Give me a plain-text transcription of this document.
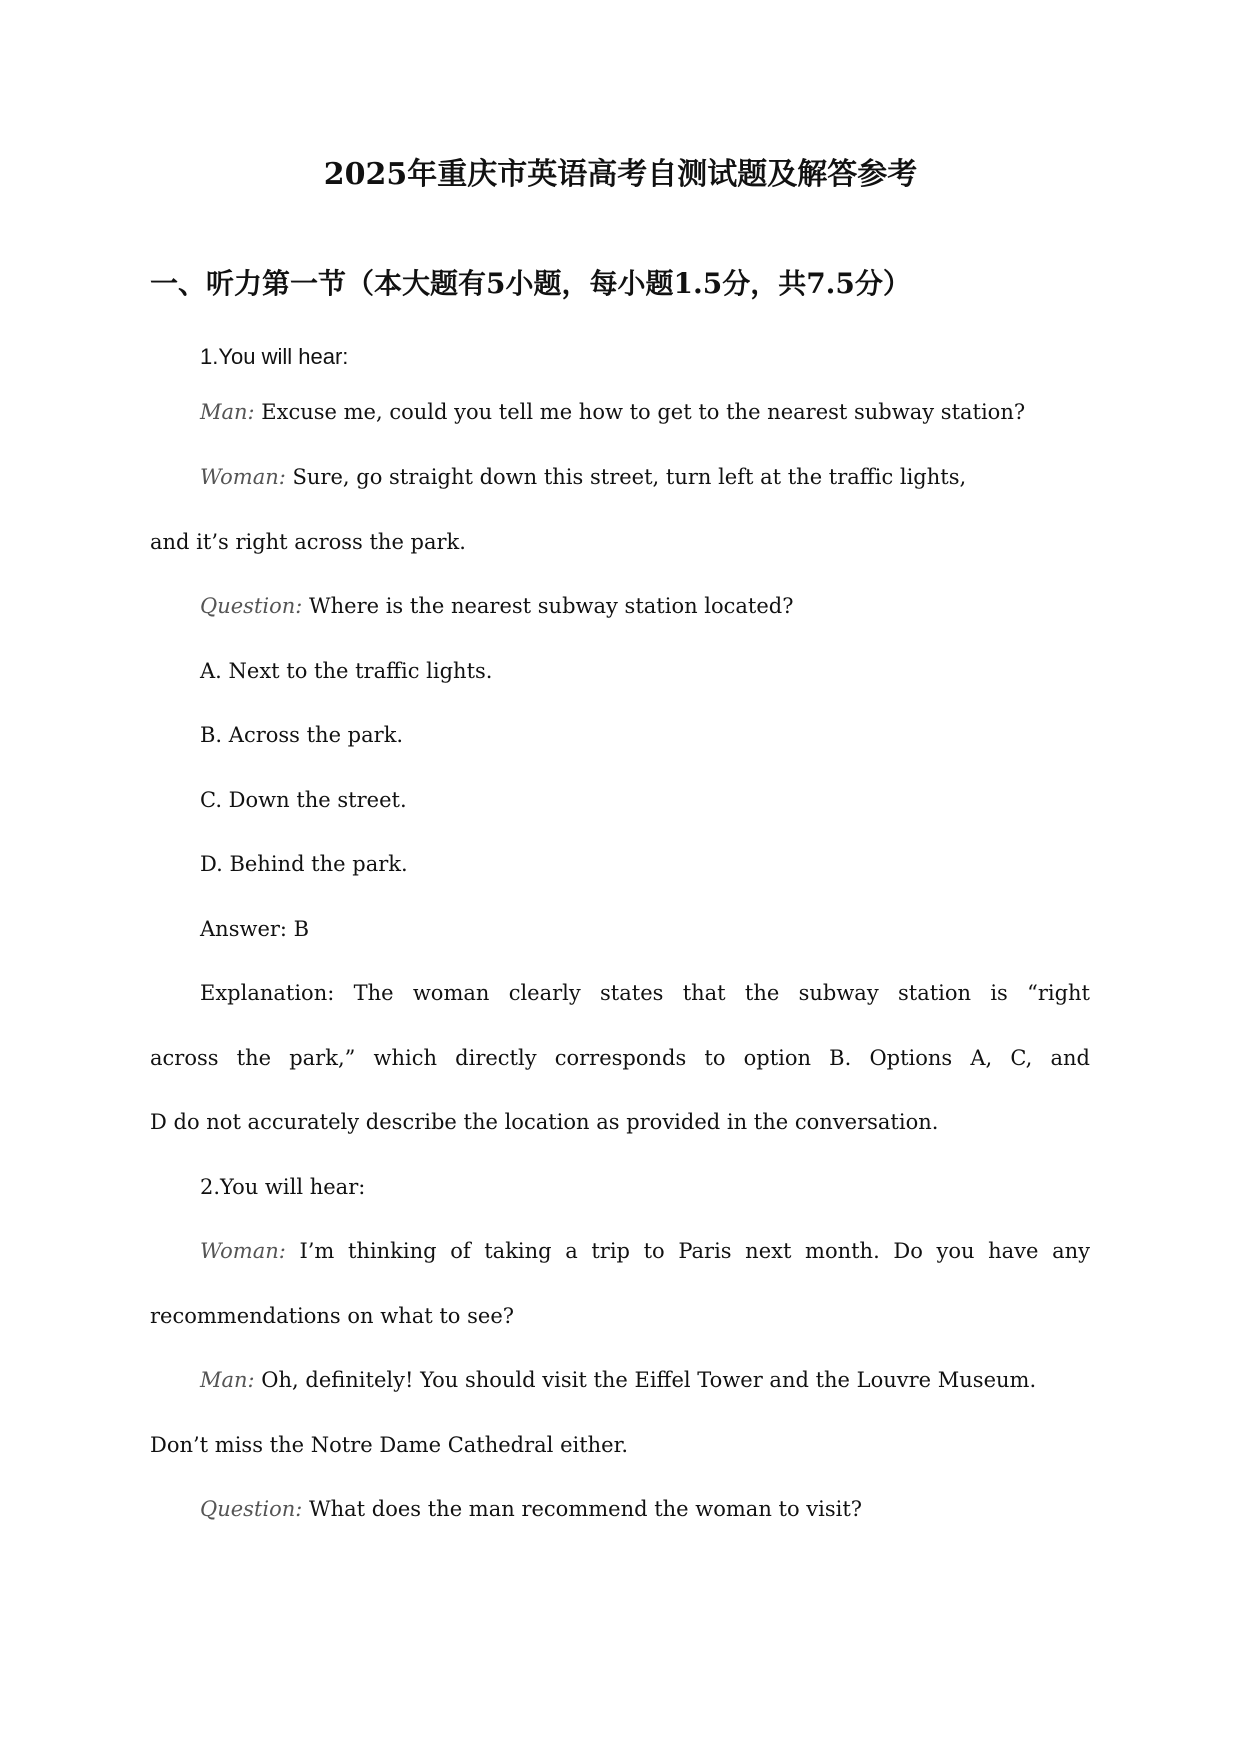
2025年重庆市英语高考自测试题及解答参考
一、听力第一节（本大题有5小题，每小题1.5分，共7.5分）
1.You will hear:
Man: Excuse me, could you tell me how to get to the nearest subway station?
Woman: Sure, go straight down this street, turn left at the traffic lights,
and it’s right across the park.
Question: Where is the nearest subway station located?
A. Next to the traffic lights.
B. Across the park.
C. Down the street.
D. Behind the park.
Answer: B
Explanation: The woman clearly states that the subway station is “right
across the park,” which directly corresponds to option B. Options A, C, and
D do not accurately describe the location as provided in the conversation.
2.You will hear:
Woman: I’m thinking of taking a trip to Paris next month. Do you have any
recommendations on what to see?
Man: Oh, definitely! You should visit the Eiffel Tower and the Louvre Museum.
Don’t miss the Notre Dame Cathedral either.
Question: What does the man recommend the woman to visit?
